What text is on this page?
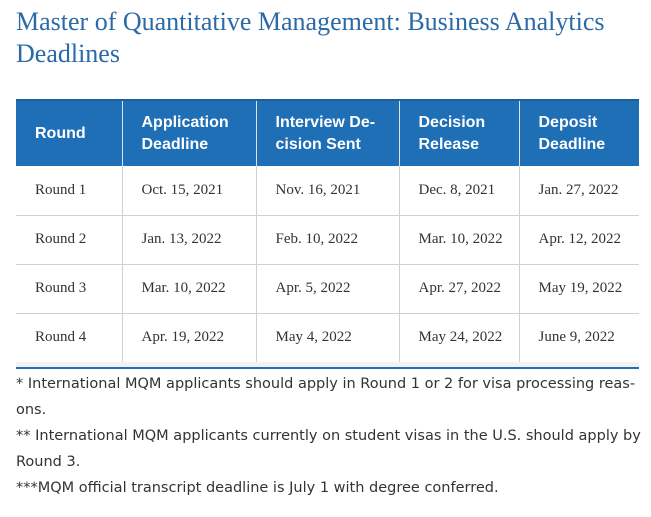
Master of Quantitative Management: Business Analytics Deadlines
Round	Application Deadline	Interview De-cision Sent	Decision Release	Deposit Deadline
Round 1	Oct. 15, 2021	Nov. 16, 2021	Dec. 8, 2021	Jan. 27, 2022
Round 2	Jan. 13, 2022	Feb. 10, 2022	Mar. 10, 2022	Apr. 12, 2022
Round 3	Mar. 10, 2022	Apr. 5, 2022	Apr. 27, 2022	May 19, 2022
Round 4	Apr. 19, 2022	May 4, 2022	May 24, 2022	June 9, 2022

* International MQM applicants should apply in Round 1 or 2 for visa processing reas-ons.

** International MQM applicants currently on student visas in the U.S. should apply by Round 3.

***MQM official transcript deadline is July 1 with degree conferred.
